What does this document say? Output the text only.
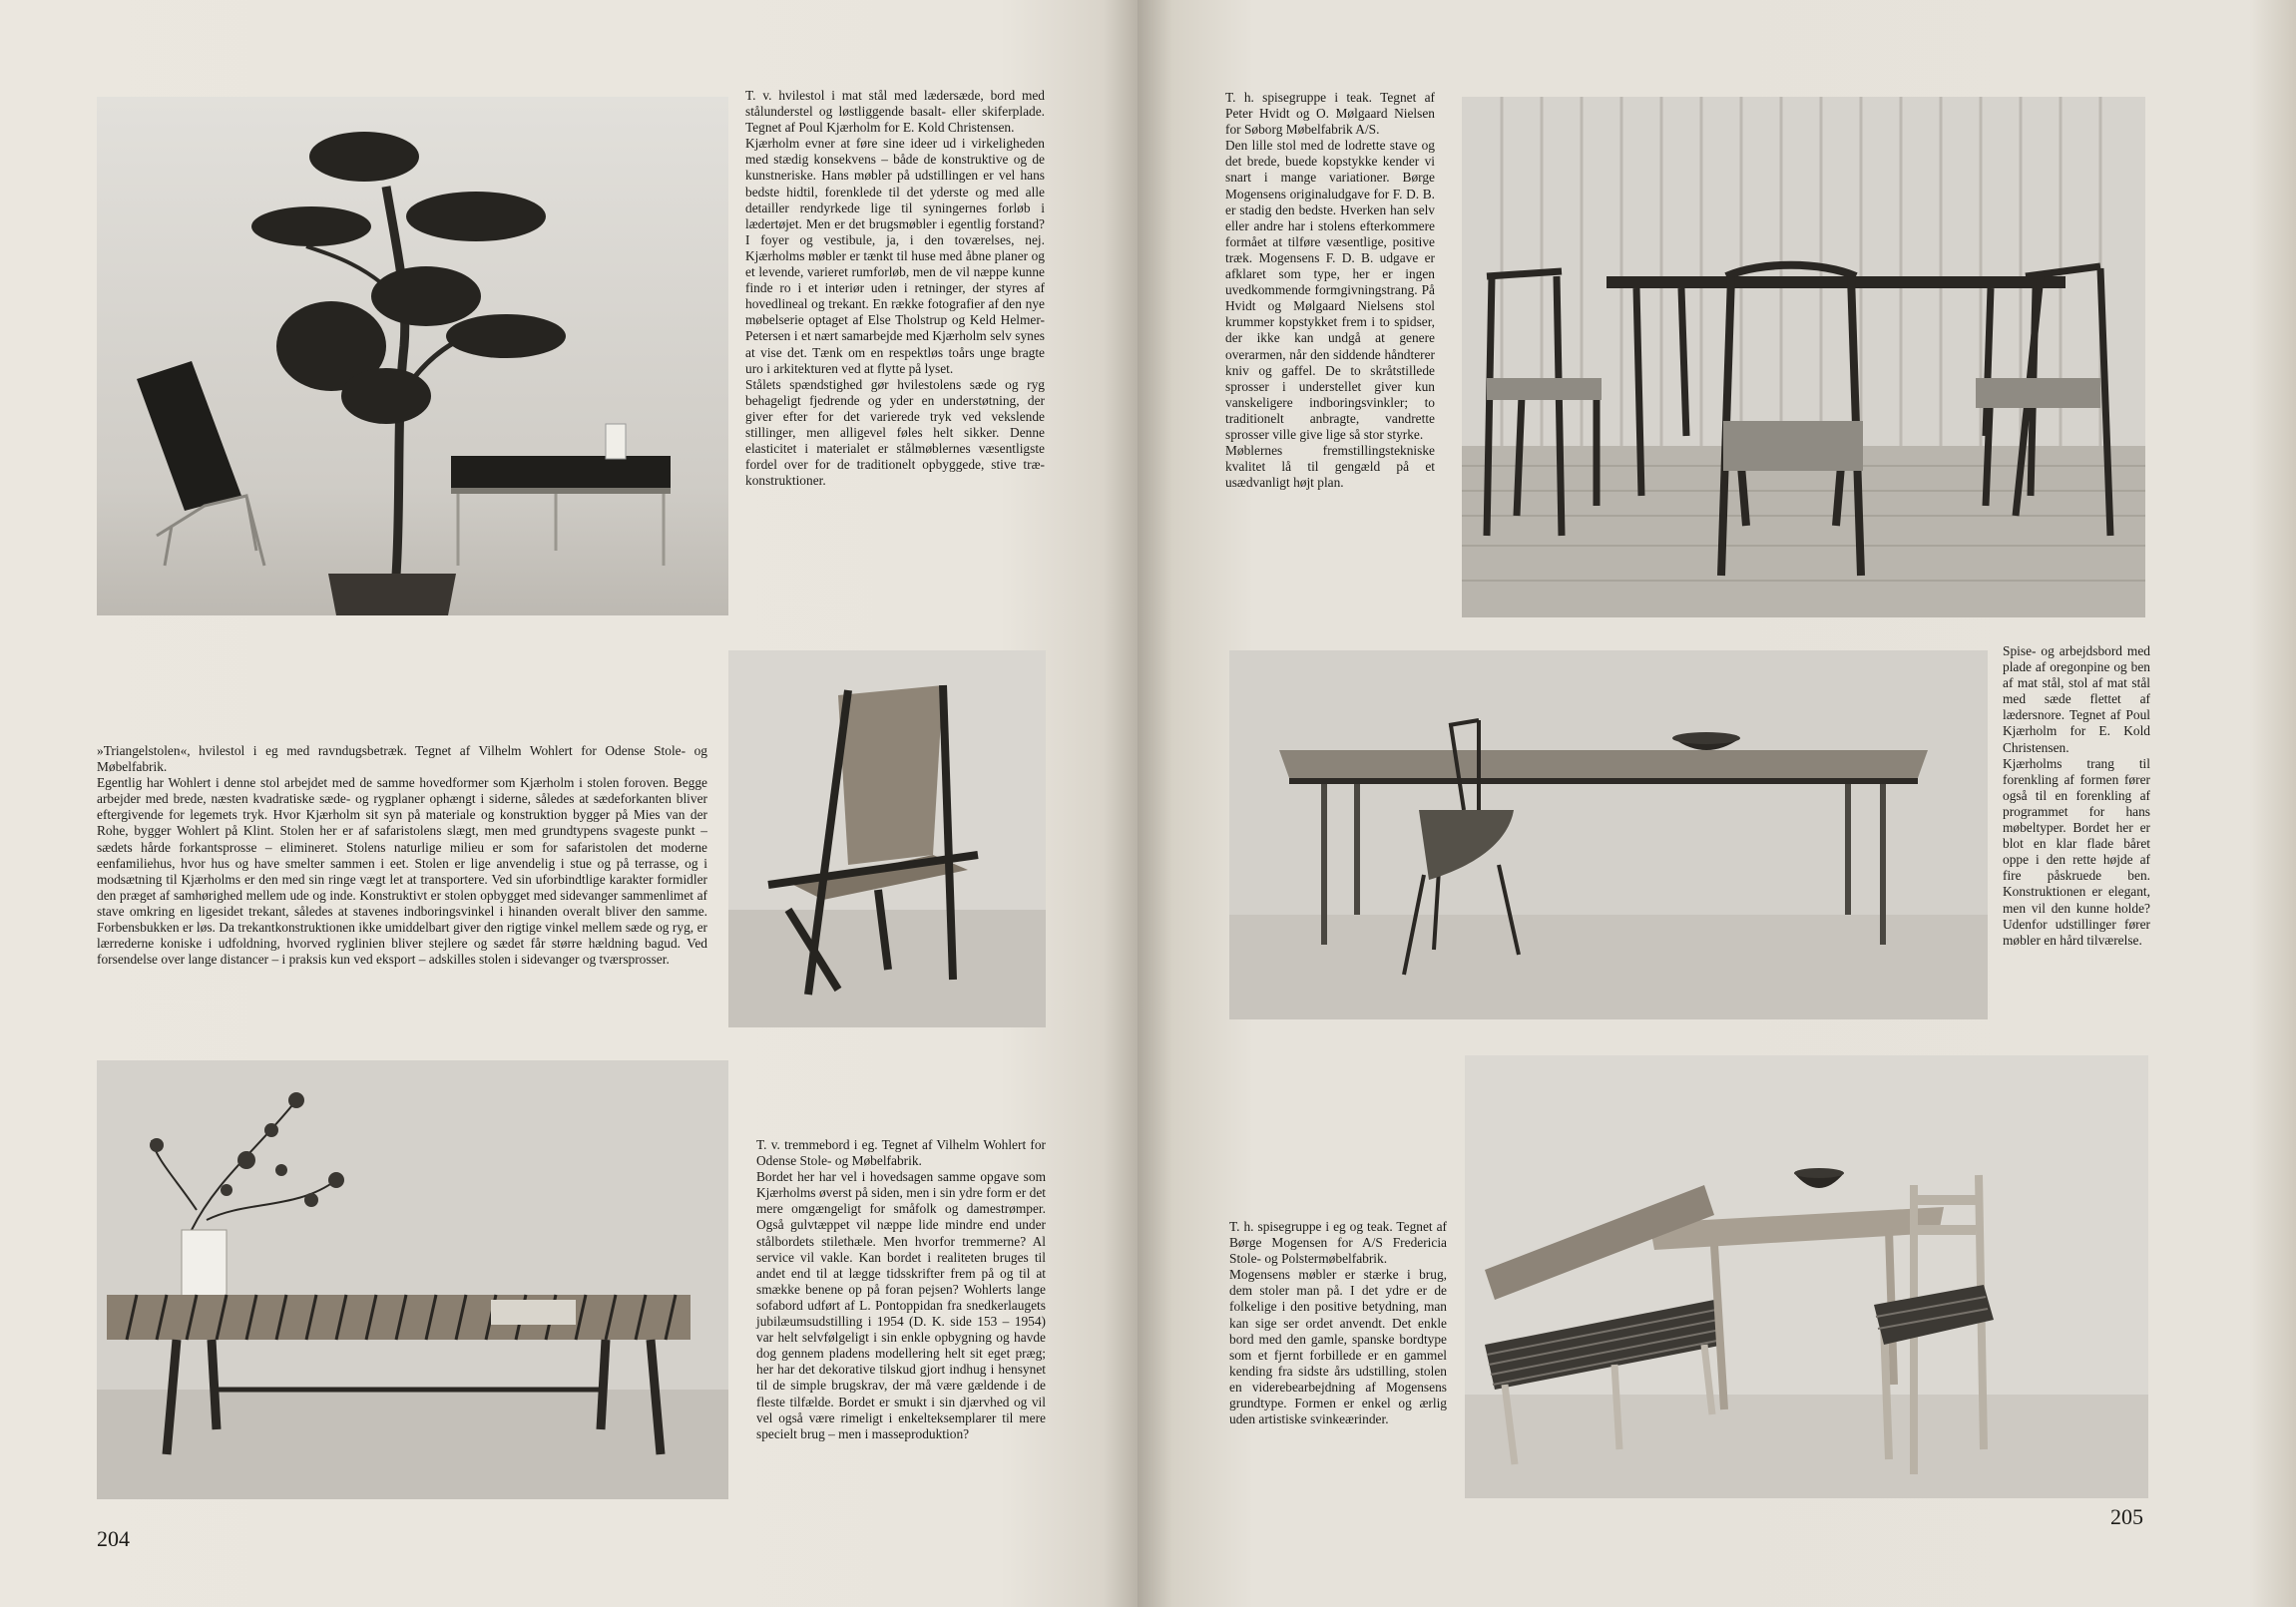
T. v. hvilestol i mat stål med lædersæde, bord med stålunderstel og løstliggende basalt- eller skiferplade. Tegnet af Poul Kjærholm for E. Kold Christensen.

Kjærholm evner at føre sine ideer ud i virkeligheden med stædig konsekvens – både de konstruktive og de kunstneriske. Hans møbler på udstillingen er vel hans bedste hidtil, forenklede til det yderste og med alle detailler rendyrkede lige til syningernes forløb i lædertøjet. Men er det brugsmøbler i egentlig forstand? I foyer og vestibule, ja, i den toværelses, nej. Kjærholms møbler er tænkt til huse med åbne planer og et levende, varieret rumforløb, men de vil næppe kunne finde ro i et interiør uden i retninger, der styres af hovedlineal og trekant. En række fotografier af den nye møbelserie optaget af Else Tholstrup og Keld Helmer-Petersen i et nært samarbejde med Kjærholm selv synes at vise det. Tænk om en respektløs toårs unge bragte uro i arkitekturen ved at flytte på lyset.

Stålets spændstighed gør hvilestolens sæde og ryg behageligt fjedrende og yder en understøtning, der giver efter for det varierede tryk ved vekslende stillinger, men alligevel føles helt sikker. Denne elasticitet i materialet er stålmøblernes væsentligste fordel over for de traditionelt opbyggede, stive trækonstruktioner.

»Triangelstolen«, hvilestol i eg med ravndugsbetræk. Tegnet af Vilhelm Wohlert for Odense Stole- og Møbelfabrik.

Egentlig har Wohlert i denne stol arbejdet med de samme hovedformer som Kjærholm i stolen foroven. Begge arbejder med brede, næsten kvadratiske sæde- og rygplaner ophængt i siderne, således at sædeforkanten bliver eftergivende for legemets tryk. Hvor Kjærholm sit syn på materiale og konstruktion bygger på Mies van der Rohe, bygger Wohlert på Klint. Stolen her er af safaristolens slægt, men med grundtypens svageste punkt – sædets hårde forkantsprosse – elimineret. Stolens naturlige milieu er som for safaristolen det moderne eenfamiliehus, hvor hus og have smelter sammen i eet. Stolen er lige anvendelig i stue og på terrasse, og i modsætning til Kjærholms er den med sin ringe vægt let at transportere. Ved sin uforbindtlige karakter formidler den præget af samhørighed mellem ude og inde. Konstruktivt er stolen opbygget med sidevanger sammenlimet af stave omkring en ligesidet trekant, således at stavenes indboringsvinkel i hinanden overalt bliver den samme. Forbensbukken er løs. Da trekantkonstruktionen ikke umiddelbart giver den rigtige vinkel mellem sæde og ryg, er lærrederne koniske i udfoldning, hvorved ryglinien bliver stejlere og sædet får større hældning bagud. Ved forsendelse over lange distancer – i praksis kun ved eksport – adskilles stolen i sidevanger og tværsprosser.

T. v. tremmebord i eg. Tegnet af Vilhelm Wohlert for Odense Stole- og Møbelfabrik.

Bordet her har vel i hovedsagen samme opgave som Kjærholms øverst på siden, men i sin ydre form er det mere omgængeligt for småfolk og damestrømper. Også gulvtæppet vil næppe lide mindre end under stålbordets stilethæle. Men hvorfor tremmerne? Al service vil vakle. Kan bordet i realiteten bruges til andet end til at lægge tidsskrifter frem på og til at smække benene op på foran pejsen? Wohlerts lange sofabord udført af L. Pontoppidan fra snedkerlaugets jubilæumsudstilling i 1954 (D. K. side 153 – 1954) var helt selvfølgeligt i sin enkle opbygning og havde dog gennem pladens modellering helt sit eget præg; her har det dekorative tilskud gjort indhug i hensynet til de simple brugskrav, der må være gældende i de fleste tilfælde. Bordet er smukt i sin djærvhed og vil vel også være rimeligt i enkelteksemplarer til mere specielt brug – men i masseproduktion?

204

T. h. spisegruppe i teak. Tegnet af Peter Hvidt og O. Mølgaard Nielsen for Søborg Møbelfabrik A/S.

Den lille stol med de lodrette stave og det brede, buede kopstykke kender vi snart i mange variationer. Børge Mogensens originaludgave for F. D. B. er stadig den bedste. Hverken han selv eller andre har i stolens efterkommere formået at tilføre væsentlige, positive træk. Mogensens F. D. B. udgave er afklaret som type, her er ingen uvedkommende formgivningstrang. På Hvidt og Mølgaard Nielsens stol krummer kopstykket frem i to spidser, der ikke kan undgå at genere overarmen, når den siddende håndterer kniv og gaffel. De to skråtstillede sprosser i understellet giver kun vanskeligere indboringsvinkler; to traditionelt anbragte, vandrette sprosser ville give lige så stor styrke.

Møblernes fremstillingstekniske kvalitet lå til gengæld på et usædvanligt højt plan.

Spise- og arbejdsbord med plade af oregonpine og ben af mat stål, stol af mat stål med sæde flettet af lædersnore. Tegnet af Poul Kjærholm for E. Kold Christensen.

Kjærholms trang til forenkling af formen fører også til en forenkling af programmet for hans møbeltyper. Bordet her er blot en klar flade båret oppe i den rette højde af fire påskruede ben. Konstruktionen er elegant, men vil den kunne holde? Udenfor udstillinger fører møbler en hård tilværelse.

T. h. spisegruppe i eg og teak. Tegnet af Børge Mogensen for A/S Fredericia Stole- og Polstermøbelfabrik.

Mogensens møbler er stærke i brug, dem stoler man på. I det ydre er de folkelige i den positive betydning, man kan sige ser ordet anvendt. Det enkle bord med den gamle, spanske bordtype som et fjernt forbillede er en gammel kending fra sidste års udstilling, stolen en viderebearbejdning af Mogensens grundtype. Formen er enkel og ærlig uden artistiske svinkeærinder.

205
